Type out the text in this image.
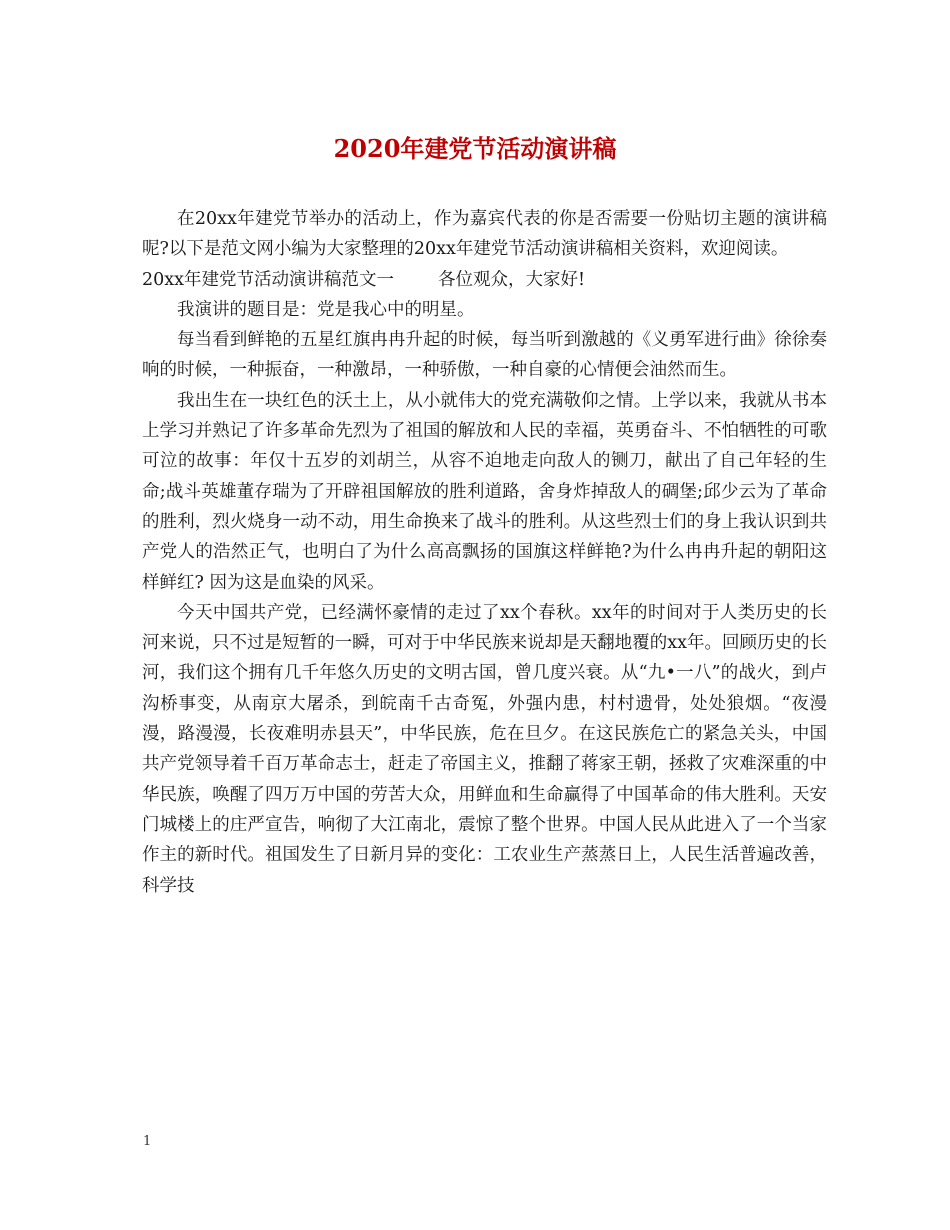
2020年建党节活动演讲稿

在20xx年建党节举办的活动上，作为嘉宾代表的你是否需要一份贴切主题的演讲稿呢?以下是范文网小编为大家整理的20xx年建党节活动演讲稿相关资料，欢迎阅读。

20xx年建党节活动演讲稿范文一	各位观众，大家好!

我演讲的题目是：党是我心中的明星。

每当看到鲜艳的五星红旗冉冉升起的时候，每当听到激越的《义勇军进行曲》徐徐奏响的时候，一种振奋，一种激昂，一种骄傲，一种自豪的心情便会油然而生。

我出生在一块红色的沃土上，从小就伟大的党充满敬仰之情。上学以来，我就从书本上学习并熟记了许多革命先烈为了祖国的解放和人民的幸福，英勇奋斗、不怕牺牲的可歌可泣的故事：年仅十五岁的刘胡兰，从容不迫地走向敌人的铡刀，献出了自己年轻的生命;战斗英雄董存瑞为了开辟祖国解放的胜利道路，舍身炸掉敌人的碉堡;邱少云为了革命的胜利，烈火烧身一动不动，用生命换来了战斗的胜利。从这些烈士们的身上我认识到共产党人的浩然正气，也明白了为什么高高飘扬的国旗这样鲜艳?为什么冉冉升起的朝阳这样鲜红? 因为这是血染的风采。

今天中国共产党，已经满怀豪情的走过了xx个春秋。xx年的时间对于人类历史的长河来说，只不过是短暂的一瞬，可对于中华民族来说却是天翻地覆的xx年。回顾历史的长河，我们这个拥有几千年悠久历史的文明古国，曾几度兴衰。从“九•一八”的战火，到卢沟桥事变，从南京大屠杀，到皖南千古奇冤，外强内患，村村遗骨，处处狼烟。“夜漫漫，路漫漫，长夜难明赤县天”，中华民族，危在旦夕。在这民族危亡的紧急关头，中国共产党领导着千百万革命志士，赶走了帝国主义，推翻了蒋家王朝，拯救了灾难深重的中华民族，唤醒了四万万中国的劳苦大众，用鲜血和生命赢得了中国革命的伟大胜利。天安门城楼上的庄严宣告，响彻了大江南北，震惊了整个世界。中国人民从此进入了一个当家作主的新时代。祖国发生了日新月异的变化：工农业生产蒸蒸日上，人民生活普遍改善，科学技

1
